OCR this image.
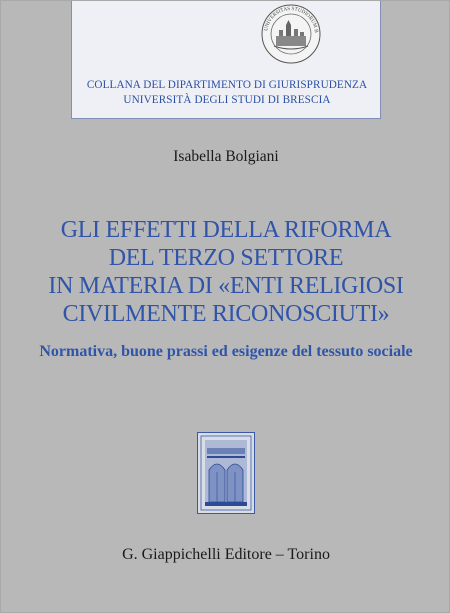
UNIVERSITAS STUDIORUM B
COLLANA DEL DIPARTIMENTO DI GIURISPRUDENZA
UNIVERSITÀ DEGLI STUDI DI BRESCIA
Isabella Bolgiani
GLI EFFETTI DELLA RIFORMA
DEL TERZO SETTORE
IN MATERIA DI «ENTI RELIGIOSI
CIVILMENTE RICONOSCIUTI»
Normativa, buone prassi ed esigenze del tessuto sociale
G. Giappichelli Editore – Torino
